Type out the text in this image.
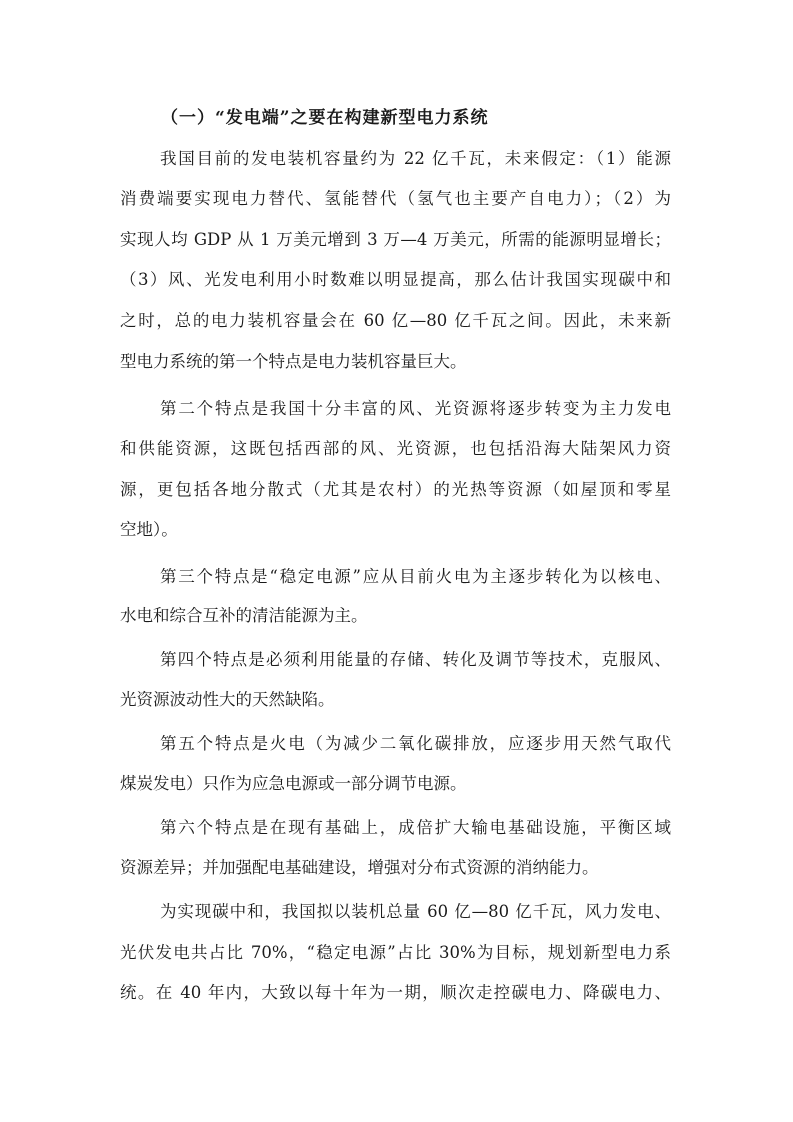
（一）“发电端”之要在构建新型电力系统
我国目前的发电装机容量约为 22 亿千瓦，未来假定：（1）能源
消费端要实现电力替代、氢能替代（氢气也主要产自电力）；（2）为
实现人均 GDP 从 1 万美元增到 3 万—4 万美元，所需的能源明显增长；
（3）风、光发电利用小时数难以明显提高，那么估计我国实现碳中和
之时，总的电力装机容量会在 60 亿—80 亿千瓦之间。因此，未来新
型电力系统的第一个特点是电力装机容量巨大。
第二个特点是我国十分丰富的风、光资源将逐步转变为主力发电
和供能资源，这既包括西部的风、光资源，也包括沿海大陆架风力资
源，更包括各地分散式（尤其是农村）的光热等资源（如屋顶和零星
空地）。
第三个特点是“稳定电源”应从目前火电为主逐步转化为以核电、
水电和综合互补的清洁能源为主。
第四个特点是必须利用能量的存储、转化及调节等技术，克服风、
光资源波动性大的天然缺陷。
第五个特点是火电（为减少二氧化碳排放，应逐步用天然气取代
煤炭发电）只作为应急电源或一部分调节电源。
第六个特点是在现有基础上，成倍扩大输电基础设施，平衡区域
资源差异；并加强配电基础建设，增强对分布式资源的消纳能力。
为实现碳中和，我国拟以装机总量 60 亿—80 亿千瓦，风力发电、
光伏发电共占比 70%，“稳定电源”占比 30%为目标，规划新型电力系
统。在 40 年内，大致以每十年为一期，顺次走控碳电力、降碳电力、
